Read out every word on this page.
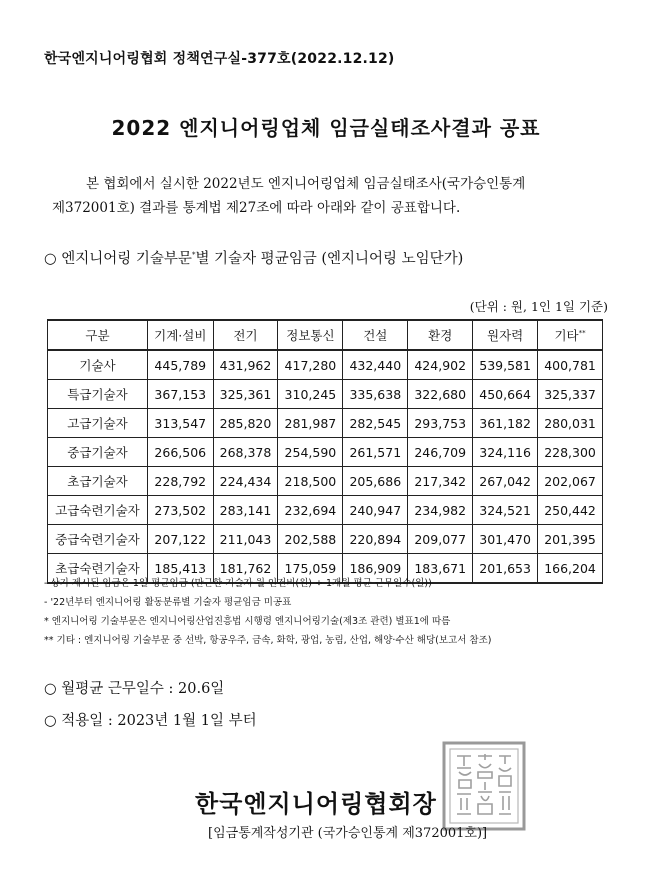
한국엔지니어링협회 정책연구실-377호(2022.12.12)
2022 엔지니어링업체 임금실태조사결과 공표
본 협회에서 실시한 2022년도 엔지니어링업체 임금실태조사(국가승인통계
제372001호) 결과를 통계법 제27조에 따라 아래와 같이 공표합니다.
○ 엔지니어링 기술부문*별 기술자 평균임금 (엔지니어링 노임단가)
(단위 : 원, 1인 1일 기준)
구분	기계·설비	전기	정보통신	건설	환경	원자력	기타**
기술사	445,789	431,962	417,280	432,440	424,902	539,581	400,781
특급기술자	367,153	325,361	310,245	335,638	322,680	450,664	325,337
고급기술자	313,547	285,820	281,987	282,545	293,753	361,182	280,031
중급기술자	266,506	268,378	254,590	261,571	246,709	324,116	228,300
초급기술자	228,792	224,434	218,500	205,686	217,342	267,042	202,067
고급숙련기술자	273,502	283,141	232,694	240,947	234,982	324,521	250,442
중급숙련기술자	207,122	211,043	202,588	220,894	209,077	301,470	201,395
초급숙련기술자	185,413	181,762	175,059	186,909	183,671	201,653	166,204
- 상기 제시된 임금은 1일 평균임금 (만근한 기술자 월 인건비(원) ÷ 1개월 평균 근무일수(일))
- '22년부터 엔지니어링 활동분류별 기술자 평균임금 미공표
* 엔지니어링 기술부문은 엔지니어링산업진흥법 시행령 엔지니어링기술(제3조 관련) 별표1에 따름
** 기타 : 엔지니어링 기술부문 중 선박, 항공우주, 금속, 화학, 광업, 농림, 산업, 해양·수산 해당(보고서 참조)
○ 월평균 근무일수 : 20.6일
○ 적용일 : 2023년 1월 1일 부터
한국엔지니어링협회장
[임금통계작성기관 (국가승인통계 제372001호)]
